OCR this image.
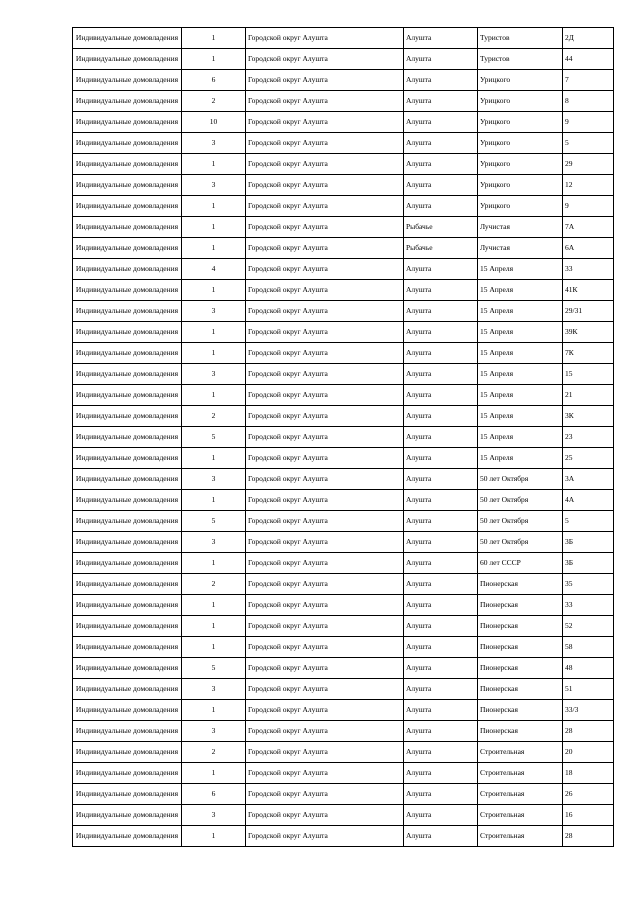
Индивидуальные домовладения	1	Городской округ Алушта	Алушта	Туристов	2Д
Индивидуальные домовладения	1	Городской округ Алушта	Алушта	Туристов	44
Индивидуальные домовладения	6	Городской округ Алушта	Алушта	Урицкого	7
Индивидуальные домовладения	2	Городской округ Алушта	Алушта	Урицкого	8
Индивидуальные домовладения	10	Городской округ Алушта	Алушта	Урицкого	9
Индивидуальные домовладения	3	Городской округ Алушта	Алушта	Урицкого	5
Индивидуальные домовладения	1	Городской округ Алушта	Алушта	Урицкого	29
Индивидуальные домовладения	3	Городской округ Алушта	Алушта	Урицкого	12
Индивидуальные домовладения	1	Городской округ Алушта	Алушта	Урицкого	9
Индивидуальные домовладения	1	Городской округ Алушта	Рыбачье	Лучистая	7А
Индивидуальные домовладения	1	Городской округ Алушта	Рыбачье	Лучистая	6А
Индивидуальные домовладения	4	Городской округ Алушта	Алушта	15 Апреля	33
Индивидуальные домовладения	1	Городской округ Алушта	Алушта	15 Апреля	41К
Индивидуальные домовладения	3	Городской округ Алушта	Алушта	15 Апреля	29/31
Индивидуальные домовладения	1	Городской округ Алушта	Алушта	15 Апреля	39К
Индивидуальные домовладения	1	Городской округ Алушта	Алушта	15 Апреля	7К
Индивидуальные домовладения	3	Городской округ Алушта	Алушта	15 Апреля	15
Индивидуальные домовладения	1	Городской округ Алушта	Алушта	15 Апреля	21
Индивидуальные домовладения	2	Городской округ Алушта	Алушта	15 Апреля	3К
Индивидуальные домовладения	5	Городской округ Алушта	Алушта	15 Апреля	23
Индивидуальные домовладения	1	Городской округ Алушта	Алушта	15 Апреля	25
Индивидуальные домовладения	3	Городской округ Алушта	Алушта	50 лет Октября	3А
Индивидуальные домовладения	1	Городской округ Алушта	Алушта	50 лет Октября	4А
Индивидуальные домовладения	5	Городской округ Алушта	Алушта	50 лет Октября	5
Индивидуальные домовладения	3	Городской округ Алушта	Алушта	50 лет Октября	3Б
Индивидуальные домовладения	1	Городской округ Алушта	Алушта	60 лет СССР	3Б
Индивидуальные домовладения	2	Городской округ Алушта	Алушта	Пионерская	35
Индивидуальные домовладения	1	Городской округ Алушта	Алушта	Пионерская	33
Индивидуальные домовладения	1	Городской округ Алушта	Алушта	Пионерская	52
Индивидуальные домовладения	1	Городской округ Алушта	Алушта	Пионерская	58
Индивидуальные домовладения	5	Городской округ Алушта	Алушта	Пионерская	48
Индивидуальные домовладения	3	Городской округ Алушта	Алушта	Пионерская	51
Индивидуальные домовладения	1	Городской округ Алушта	Алушта	Пионерская	33/3
Индивидуальные домовладения	3	Городской округ Алушта	Алушта	Пионерская	28
Индивидуальные домовладения	2	Городской округ Алушта	Алушта	Строительная	20
Индивидуальные домовладения	1	Городской округ Алушта	Алушта	Строительная	18
Индивидуальные домовладения	6	Городской округ Алушта	Алушта	Строительная	26
Индивидуальные домовладения	3	Городской округ Алушта	Алушта	Строительная	16
Индивидуальные домовладения	1	Городской округ Алушта	Алушта	Строительная	28
